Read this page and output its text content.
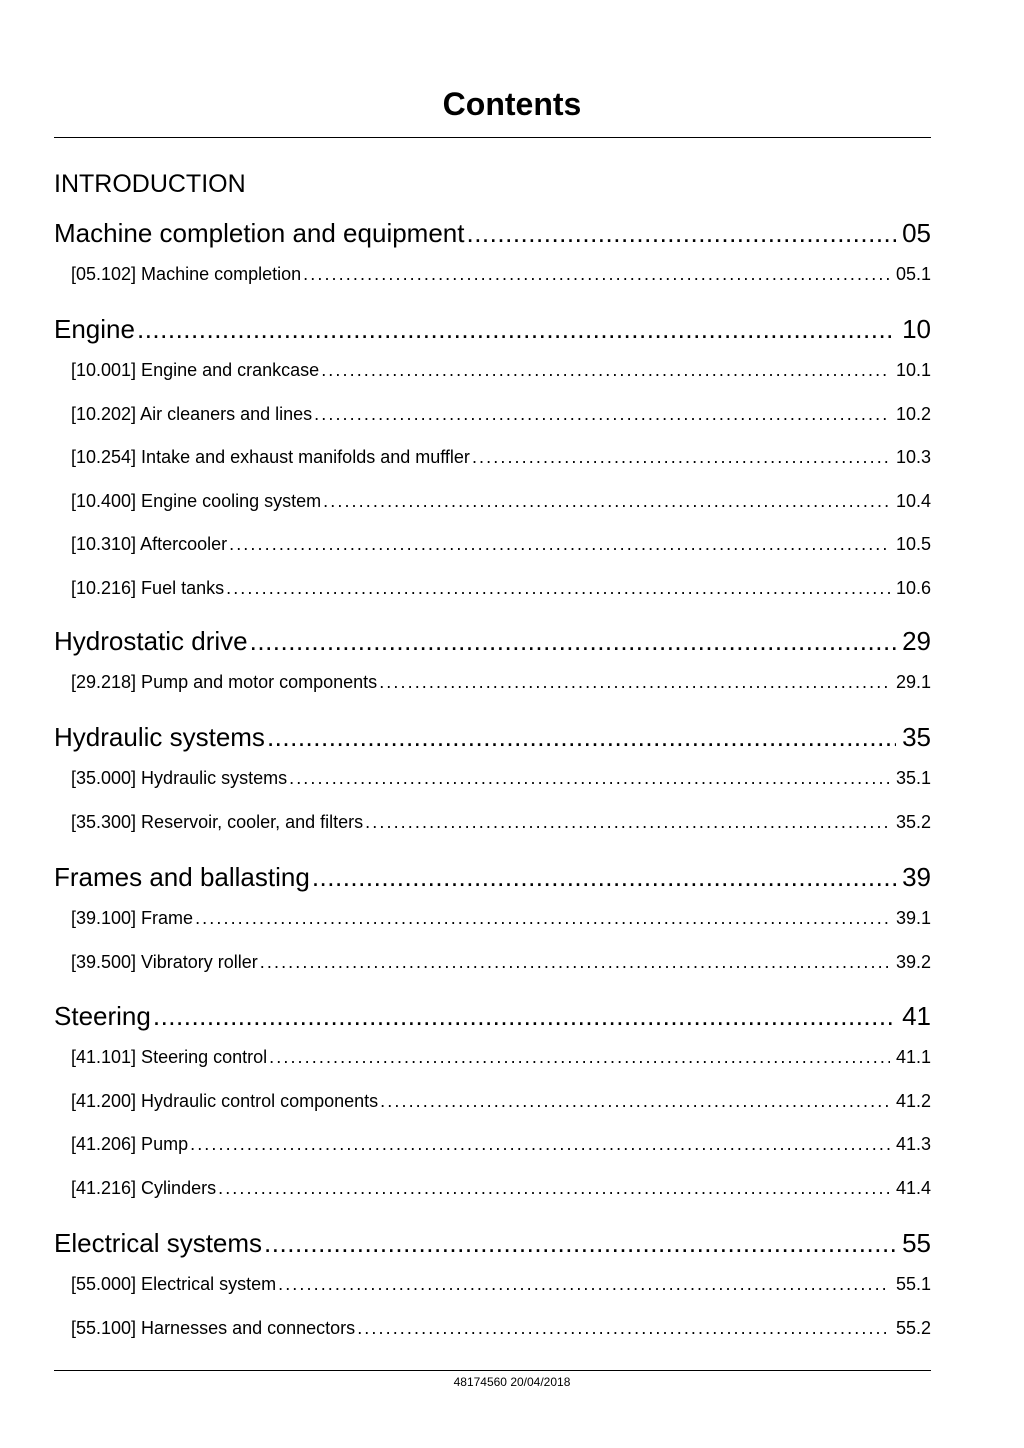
Contents
INTRODUCTION
Machine completion and equipment .....	05
[05.102] Machine completion .....	05.1
Engine .....	10
[10.001] Engine and crankcase .....	10.1
[10.202] Air cleaners and lines .....	10.2
[10.254] Intake and exhaust manifolds and muffler .....	10.3
[10.400] Engine cooling system .....	10.4
[10.310] Aftercooler .....	10.5
[10.216] Fuel tanks .....	10.6
Hydrostatic drive .....	29
[29.218] Pump and motor components .....	29.1
Hydraulic systems .....	35
[35.000] Hydraulic systems .....	35.1
[35.300] Reservoir, cooler, and filters .....	35.2
Frames and ballasting .....	39
[39.100] Frame .....	39.1
[39.500] Vibratory roller .....	39.2
Steering .....	41
[41.101] Steering control .....	41.1
[41.200] Hydraulic control components .....	41.2
[41.206] Pump .....	41.3
[41.216] Cylinders .....	41.4
Electrical systems .....	55
[55.000] Electrical system .....	55.1
[55.100] Harnesses and connectors .....	55.2
48174560 20/04/2018
